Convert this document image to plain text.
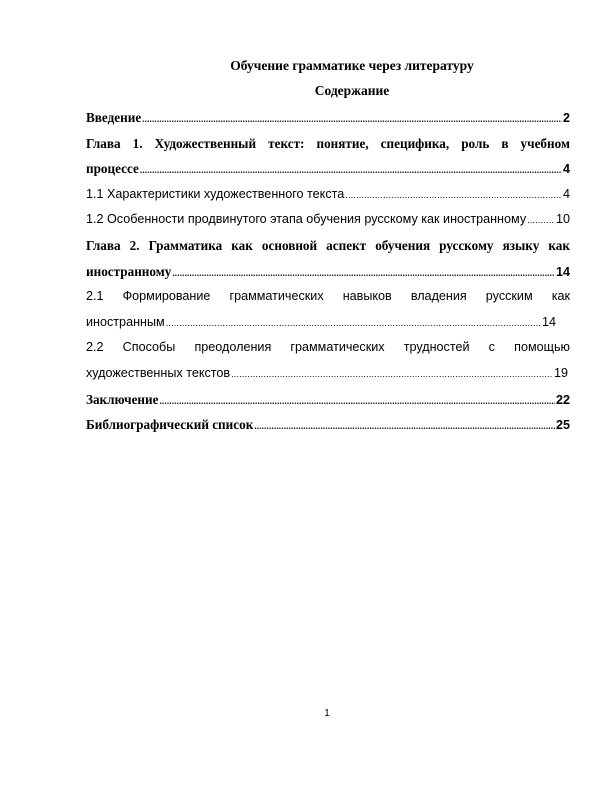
Обучение грамматике через литературу
Содержание
Введение .....	2
Глава 1. Художественный текст: понятие, специфика, роль в учебном
процессе .....	4
1.1 Характеристики художественного текста .....	4
1.2 Особенности продвинутого этапа обучения русскому как иностранному ..... 10
Глава 2. Грамматика как основной аспект обучения русскому языку как
иностранному .....	14
2.1 Формирование грамматических навыков владения русским как
иностранным .....	14
2.2 Способы преодоления грамматических трудностей с помощью
художественных текстов .....	19
Заключение .....	22
Библиографический список .....	25
1
